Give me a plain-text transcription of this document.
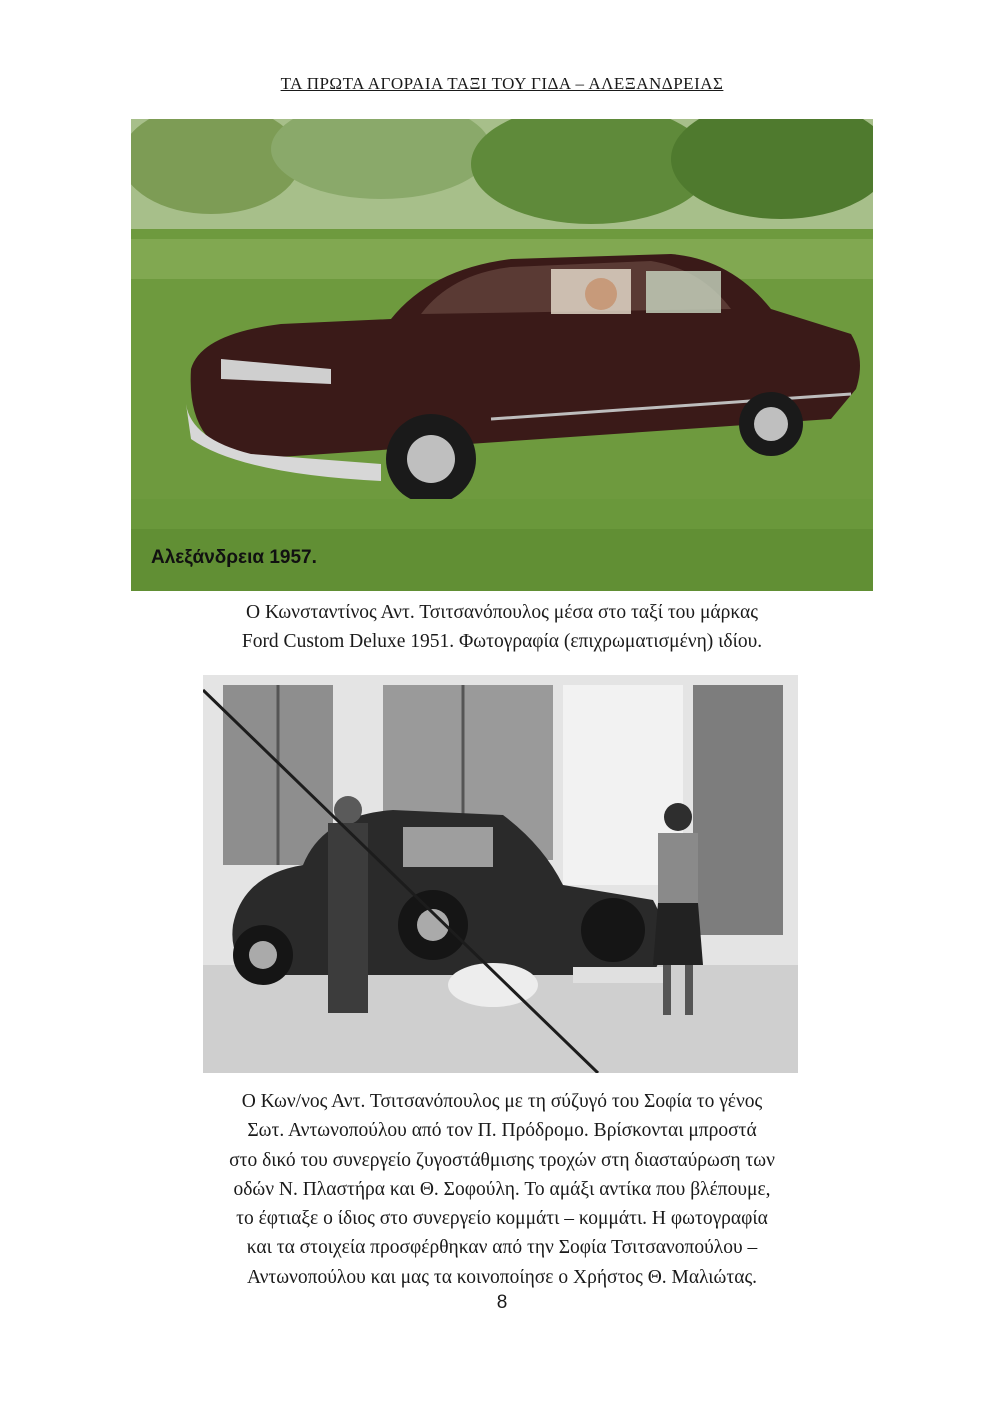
ΤΑ ΠΡΩΤΑ ΑΓΟΡΑΙΑ ΤΑΞΙ ΤΟΥ ΓΙΔΑ – ΑΛΕΞΑΝΔΡΕΙΑΣ
Αλεξάνδρεια 1957.
Ο Κωνσταντίνος Αντ. Τσιτσανόπουλος μέσα στο ταξί του μάρκας
Ford Custom Deluxe 1951. Φωτογραφία (επιχρωματισμένη) ιδίου.
Ο Κων/νος Αντ. Τσιτσανόπουλος με τη σύζυγό του Σοφία το γένος
Σωτ. Αντωνοπούλου από τον Π. Πρόδρομο. Βρίσκονται μπροστά
στο δικό του συνεργείο ζυγοστάθμισης τροχών στη διασταύρωση των
οδών Ν. Πλαστήρα και Θ. Σοφούλη. Το αμάξι αντίκα που βλέπουμε,
το έφτιαξε ο ίδιος στο συνεργείο κομμάτι – κομμάτι. Η φωτογραφία
και τα στοιχεία προσφέρθηκαν από την Σοφία Τσιτσανοπούλου –
Αντωνοπούλου και μας τα κοινοποίησε ο Χρήστος Θ. Μαλιώτας.
8
